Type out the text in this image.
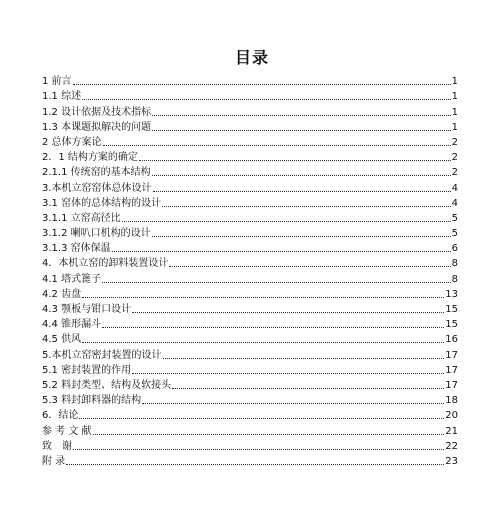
目录
1 前言	1
1.1 综述	1
1.2 设计依据及技术指标	1
1.3 本课题拟解决的问题	1
2 总体方案论	2
2．1 结构方案的确定	2
2.1.1 传统窑的基本结构	2
3.本机立窑窑体总体设计	4
3.1 窑体的总体结构的设计	4
3.1.1 立窑高径比	5
3.1.2 喇叭口机构的设计	5
3.1.3 窑体保温	6
4．本机立窑的卸料装置设计	8
4.1 塔式篦子	8
4.2 齿盘	13
4.3 颚板与钳口设计	15
4.4 锥形漏斗	15
4.5 供风	16
5.本机立窑密封装置的设计	17
5.1 密封装置的作用	17
5.2 料封类型、结构及软接头	17
5.3 料封卸料器的结构	18
6．结论	20
参 考 文 献	21
致　谢	22
附 录	23
